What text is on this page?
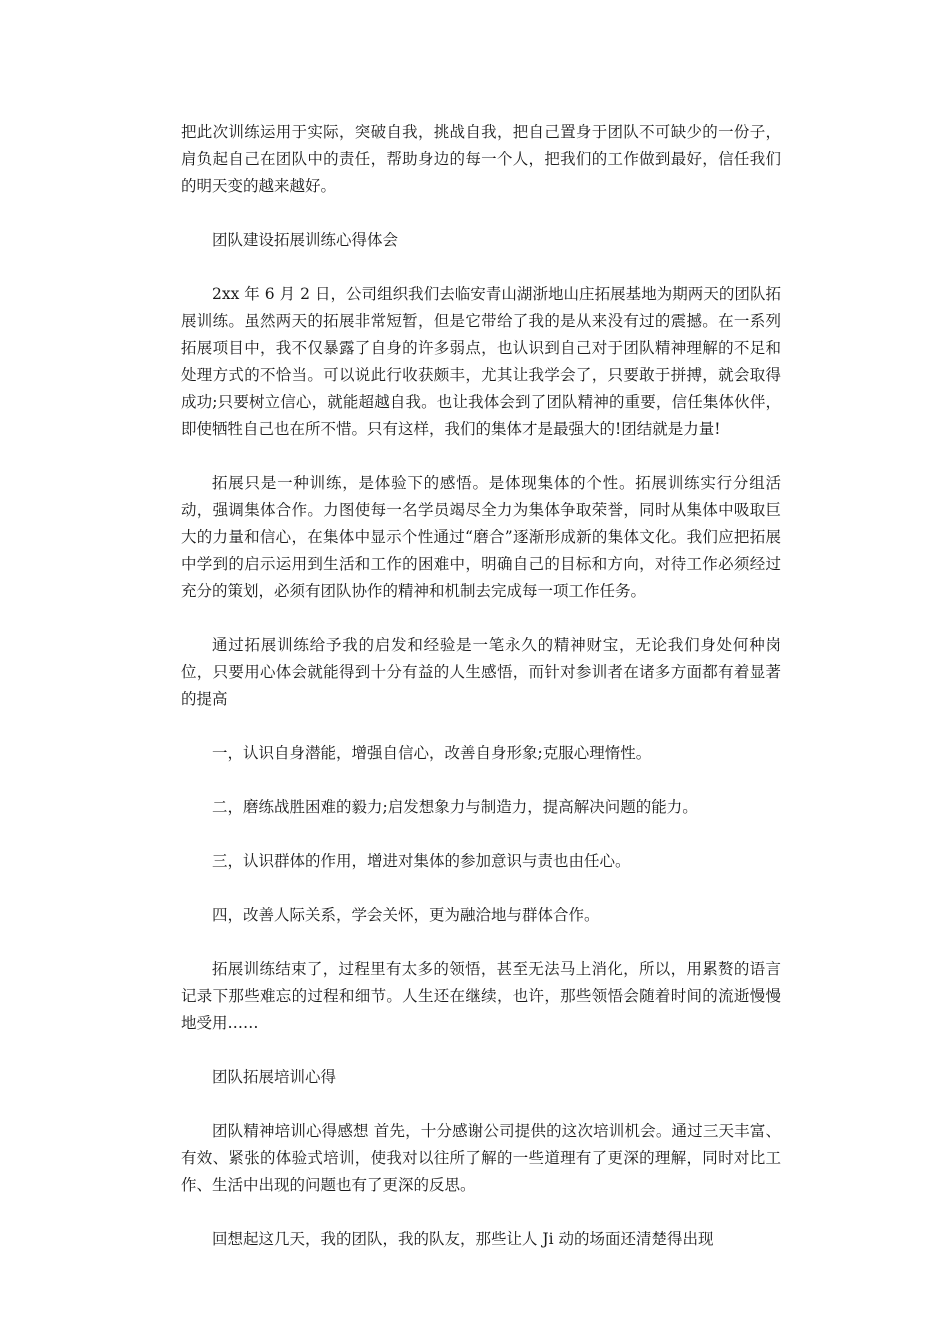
把此次训练运用于实际，突破自我，挑战自我，把自己置身于团队不可缺少的一份子，肩负起自己在团队中的责任，帮助身边的每一个人，把我们的工作做到最好，信任我们的明天变的越来越好。

团队建设拓展训练心得体会

2xx 年 6 月 2 日，公司组织我们去临安青山湖浙地山庄拓展基地为期两天的团队拓展训练。虽然两天的拓展非常短暂，但是它带给了我的是从来没有过的震撼。在一系列拓展项目中，我不仅暴露了自身的许多弱点，也认识到自己对于团队精神理解的不足和处理方式的不恰当。可以说此行收获颇丰，尤其让我学会了，只要敢于拼搏，就会取得成功;只要树立信心，就能超越自我。也让我体会到了团队精神的重要，信任集体伙伴，即使牺牲自己也在所不惜。只有这样，我们的集体才是最强大的!团结就是力量!

拓展只是一种训练，是体验下的感悟。是体现集体的个性。拓展训练实行分组活动，强调集体合作。力图使每一名学员竭尽全力为集体争取荣誉，同时从集体中吸取巨大的力量和信心，在集体中显示个性通过“磨合”逐渐形成新的集体文化。我们应把拓展中学到的启示运用到生活和工作的困难中，明确自己的目标和方向，对待工作必须经过充分的策划，必须有团队协作的精神和机制去完成每一项工作任务。

通过拓展训练给予我的启发和经验是一笔永久的精神财宝，无论我们身处何种岗位，只要用心体会就能得到十分有益的人生感悟，而针对参训者在诸多方面都有着显著的提高

一，认识自身潜能，增强自信心，改善自身形象;克服心理惰性。

二，磨练战胜困难的毅力;启发想象力与制造力，提高解决问题的能力。

三，认识群体的作用，增进对集体的参加意识与责也由任心。

四，改善人际关系，学会关怀，更为融洽地与群体合作。

拓展训练结束了，过程里有太多的领悟，甚至无法马上消化，所以，用累赘的语言记录下那些难忘的过程和细节。人生还在继续，也许，那些领悟会随着时间的流逝慢慢地受用……

团队拓展培训心得

团队精神培训心得感想 首先，十分感谢公司提供的这次培训机会。通过三天丰富、有效、紧张的体验式培训，使我对以往所了解的一些道理有了更深的理解，同时对比工作、生活中出现的问题也有了更深的反思。

回想起这几天，我的团队，我的队友，那些让人 Ji 动的场面还清楚得出现
